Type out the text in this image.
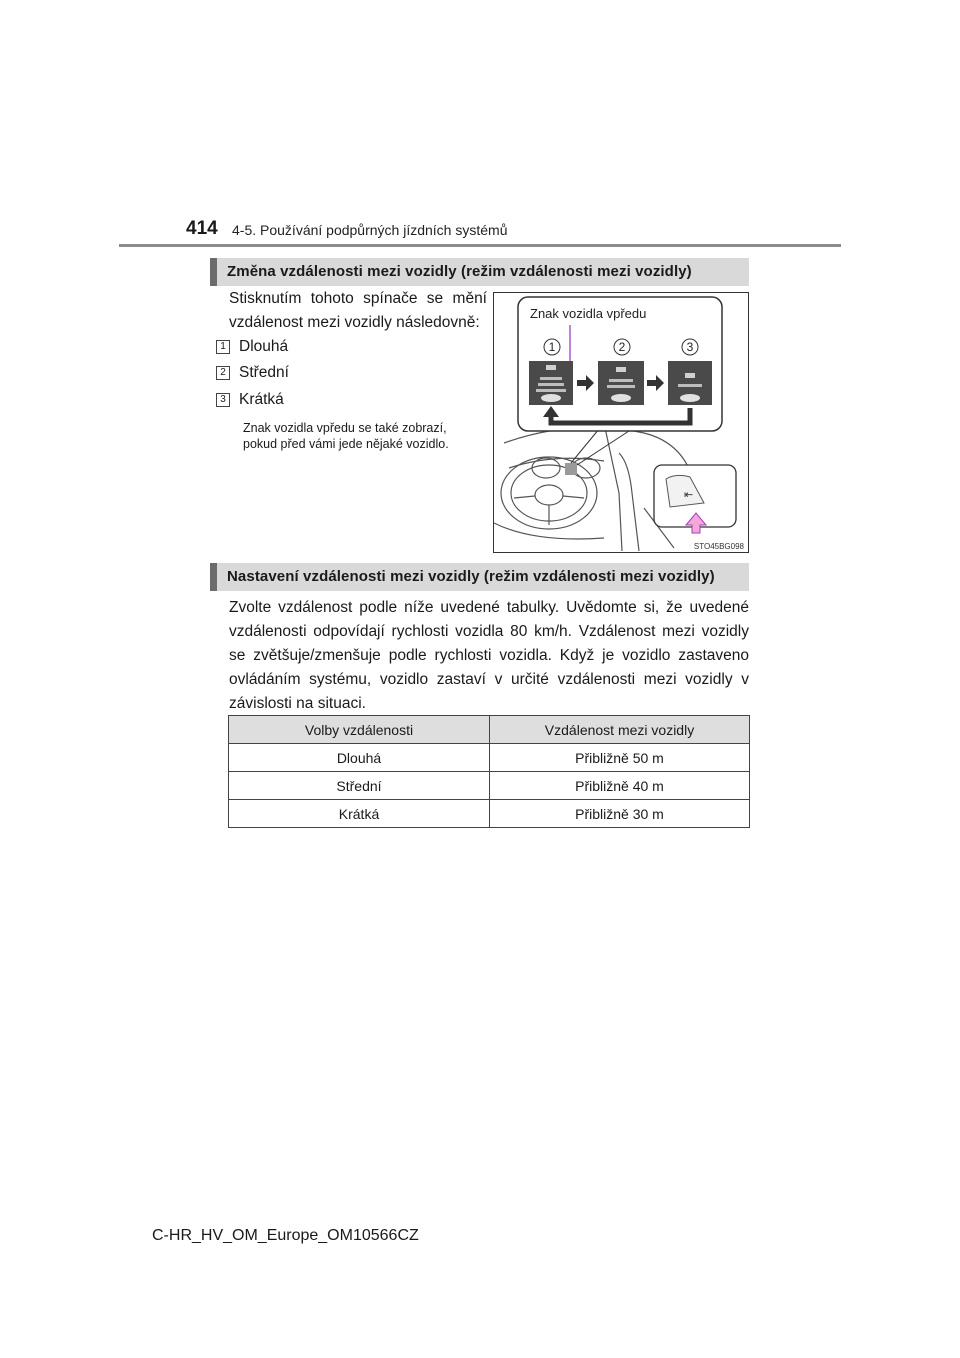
414 4-5. Používání podpůrných jízdních systémů
Změna vzdálenosti mezi vozidly (režim vzdálenosti mezi vozidly)
Stisknutím tohoto spínače se mění
vzdálenost mezi vozidly následovně:
1 Dlouhá
2 Střední
3 Krátká
Znak vozidla vpředu se také zobrazí,
pokud před vámi jede nějaké vozidlo.
Znak vozidla vpředu
1	2	3
⇤
STO45BG098
Nastavení vzdálenosti mezi vozidly (režim vzdálenosti mezi vozidly)
Zvolte vzdálenost podle níže uvedené tabulky. Uvědomte si, že uvedené vzdálenosti odpovídají rychlosti vozidla 80 km/h. Vzdálenost mezi vozidly se zvětšuje/zmenšuje podle rychlosti vozidla. Když je vozidlo zastaveno ovládáním systému, vozidlo zastaví v určité vzdálenosti mezi vozidly v závislosti na situaci.
Volby vzdálenosti	Vzdálenost mezi vozidly
Dlouhá	Přibližně 50 m
Střední	Přibližně 40 m
Krátká	Přibližně 30 m
C-HR_HV_OM_Europe_OM10566CZ
